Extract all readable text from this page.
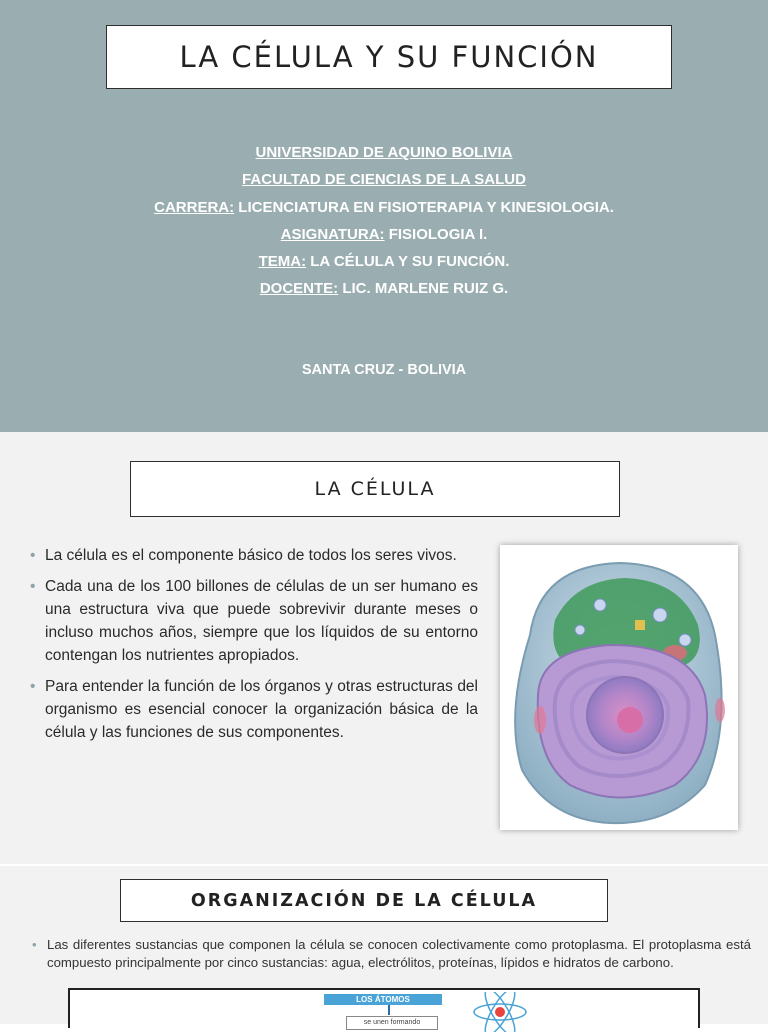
LA CÉLULA Y SU FUNCIÓN
UNIVERSIDAD DE AQUINO BOLIVIA
FACULTAD DE CIENCIAS DE LA SALUD
CARRERA: LICENCIATURA EN FISIOTERAPIA Y KINESIOLOGIA.
ASIGNATURA: FISIOLOGIA I.
TEMA: LA CÉLULA Y SU FUNCIÓN.
DOCENTE: LIC. MARLENE RUIZ G.
SANTA CRUZ - BOLIVIA
LA CÉLULA
• La célula es el componente básico de todos los seres vivos.
• Cada una de los 100 billones de células de un ser humano es una estructura viva que puede sobrevivir durante meses o incluso muchos años, siempre que los líquidos de su entorno contengan los nutrientes apropiados.
• Para entender la función de los órganos y otras estructuras del organismo es esencial conocer la organización básica de la célula y las funciones de sus componentes.
ORGANIZACIÓN DE LA CÉLULA
• Las diferentes sustancias que componen la célula se conocen colectivamente como protoplasma. El protoplasma está compuesto principalmente por cinco sustancias: agua, electrólitos, proteínas, lípidos e hidratos de carbono.
LOS ÁTOMOS
se unen formando
